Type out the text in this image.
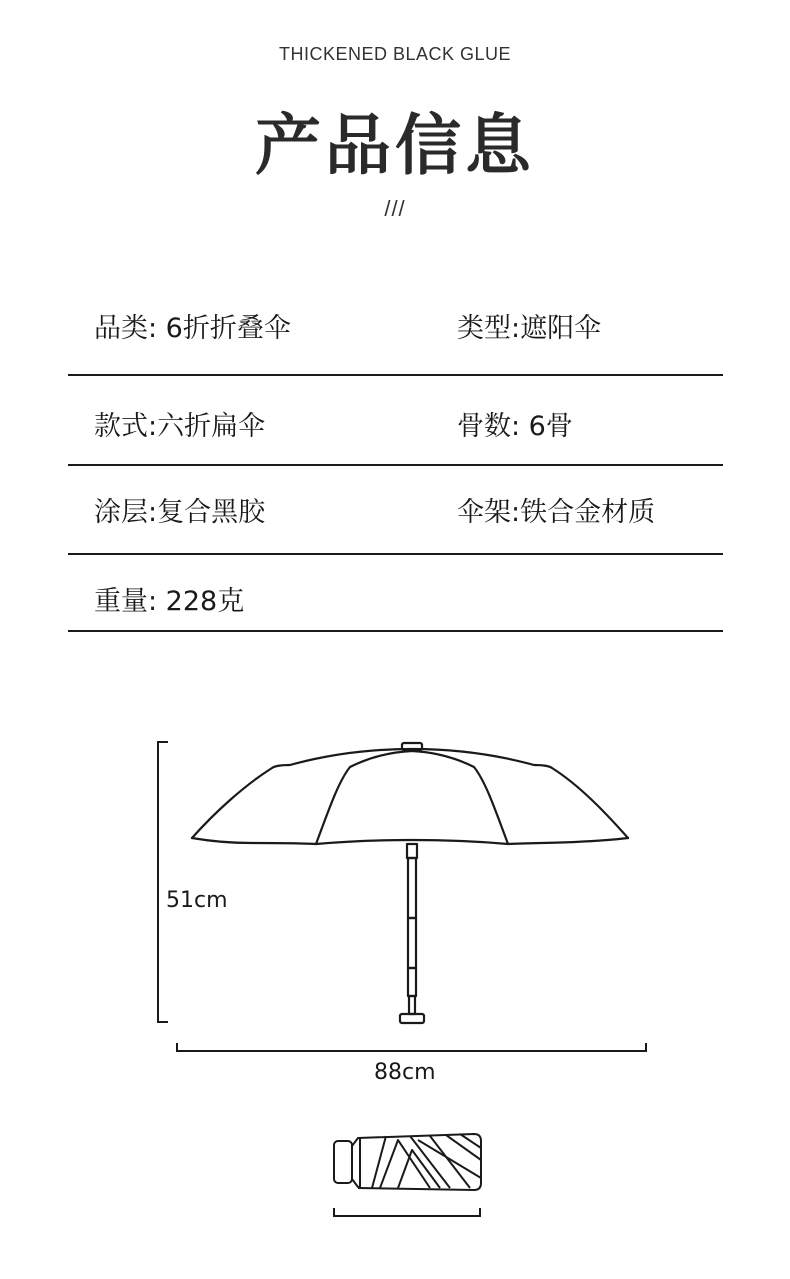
THICKENED BLACK GLUE
产品信息
///
品类: 6折折叠伞	类型:遮阳伞
款式:六折扁伞	骨数: 6骨
涂层:复合黑胶	伞架:铁合金材质
重量: 228克
51cm
88cm
